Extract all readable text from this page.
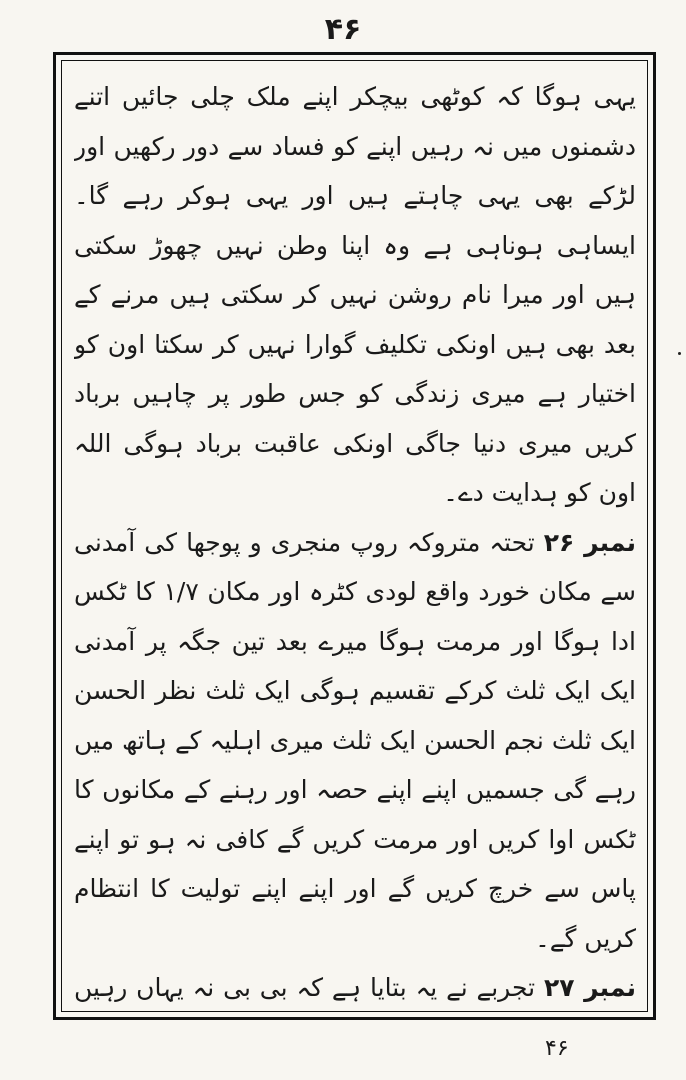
۴۶

یہی ہوگا کہ کوٹھی بیچکر اپنے ملک چلی جائیں اتنے دشمنوں میں نہ رہیں اپنے کو فساد سے دور رکھیں اور لڑکے بھی یہی چاہتے ہیں اور یہی ہوکر رہے گا۔ ایساہی ہوناہی ہے وہ اپنا وطن نہیں چھوڑ سکتی ہیں اور میرا نام روشن نہیں کر سکتی ہیں مرنے کے بعد بھی ہیں اونکی تکلیف گوارا نہیں کر سکتا اون کو اختیار ہے میری زندگی کو جس طور پر چاہیں برباد کریں میری دنیا جاگی اونکی عاقبت برباد ہوگی اللہ اون کو ہدایت دے۔

نمبر ۲۶ تحتہ متروکہ روپ منجری و پوجھا کی آمدنی سے مکان خورد واقع لودی کٹرہ اور مکان ۱/۷ کا ٹکس ادا ہوگا اور مرمت ہوگا میرے بعد تین جگہ پر آمدنی ایک ایک ثلث کرکے تقسیم ہوگی ایک ثلث نظر الحسن ایک ثلث نجم الحسن ایک ثلث میری اہلیہ کے ہاتھ میں رہے گی جسمیں اپنے اپنے حصہ اور رہنے کے مکانوں کا ٹکس اوا کریں اور مرمت کریں گے کافی نہ ہو تو اپنے پاس سے خرچ کریں گے اور اپنے اپنے تولیت کا انتظام کریں گے۔

نمبر ۲۷ تجربے نے یہ بتایا ہے کہ بی بی نہ یہاں رہیں

۴۶
